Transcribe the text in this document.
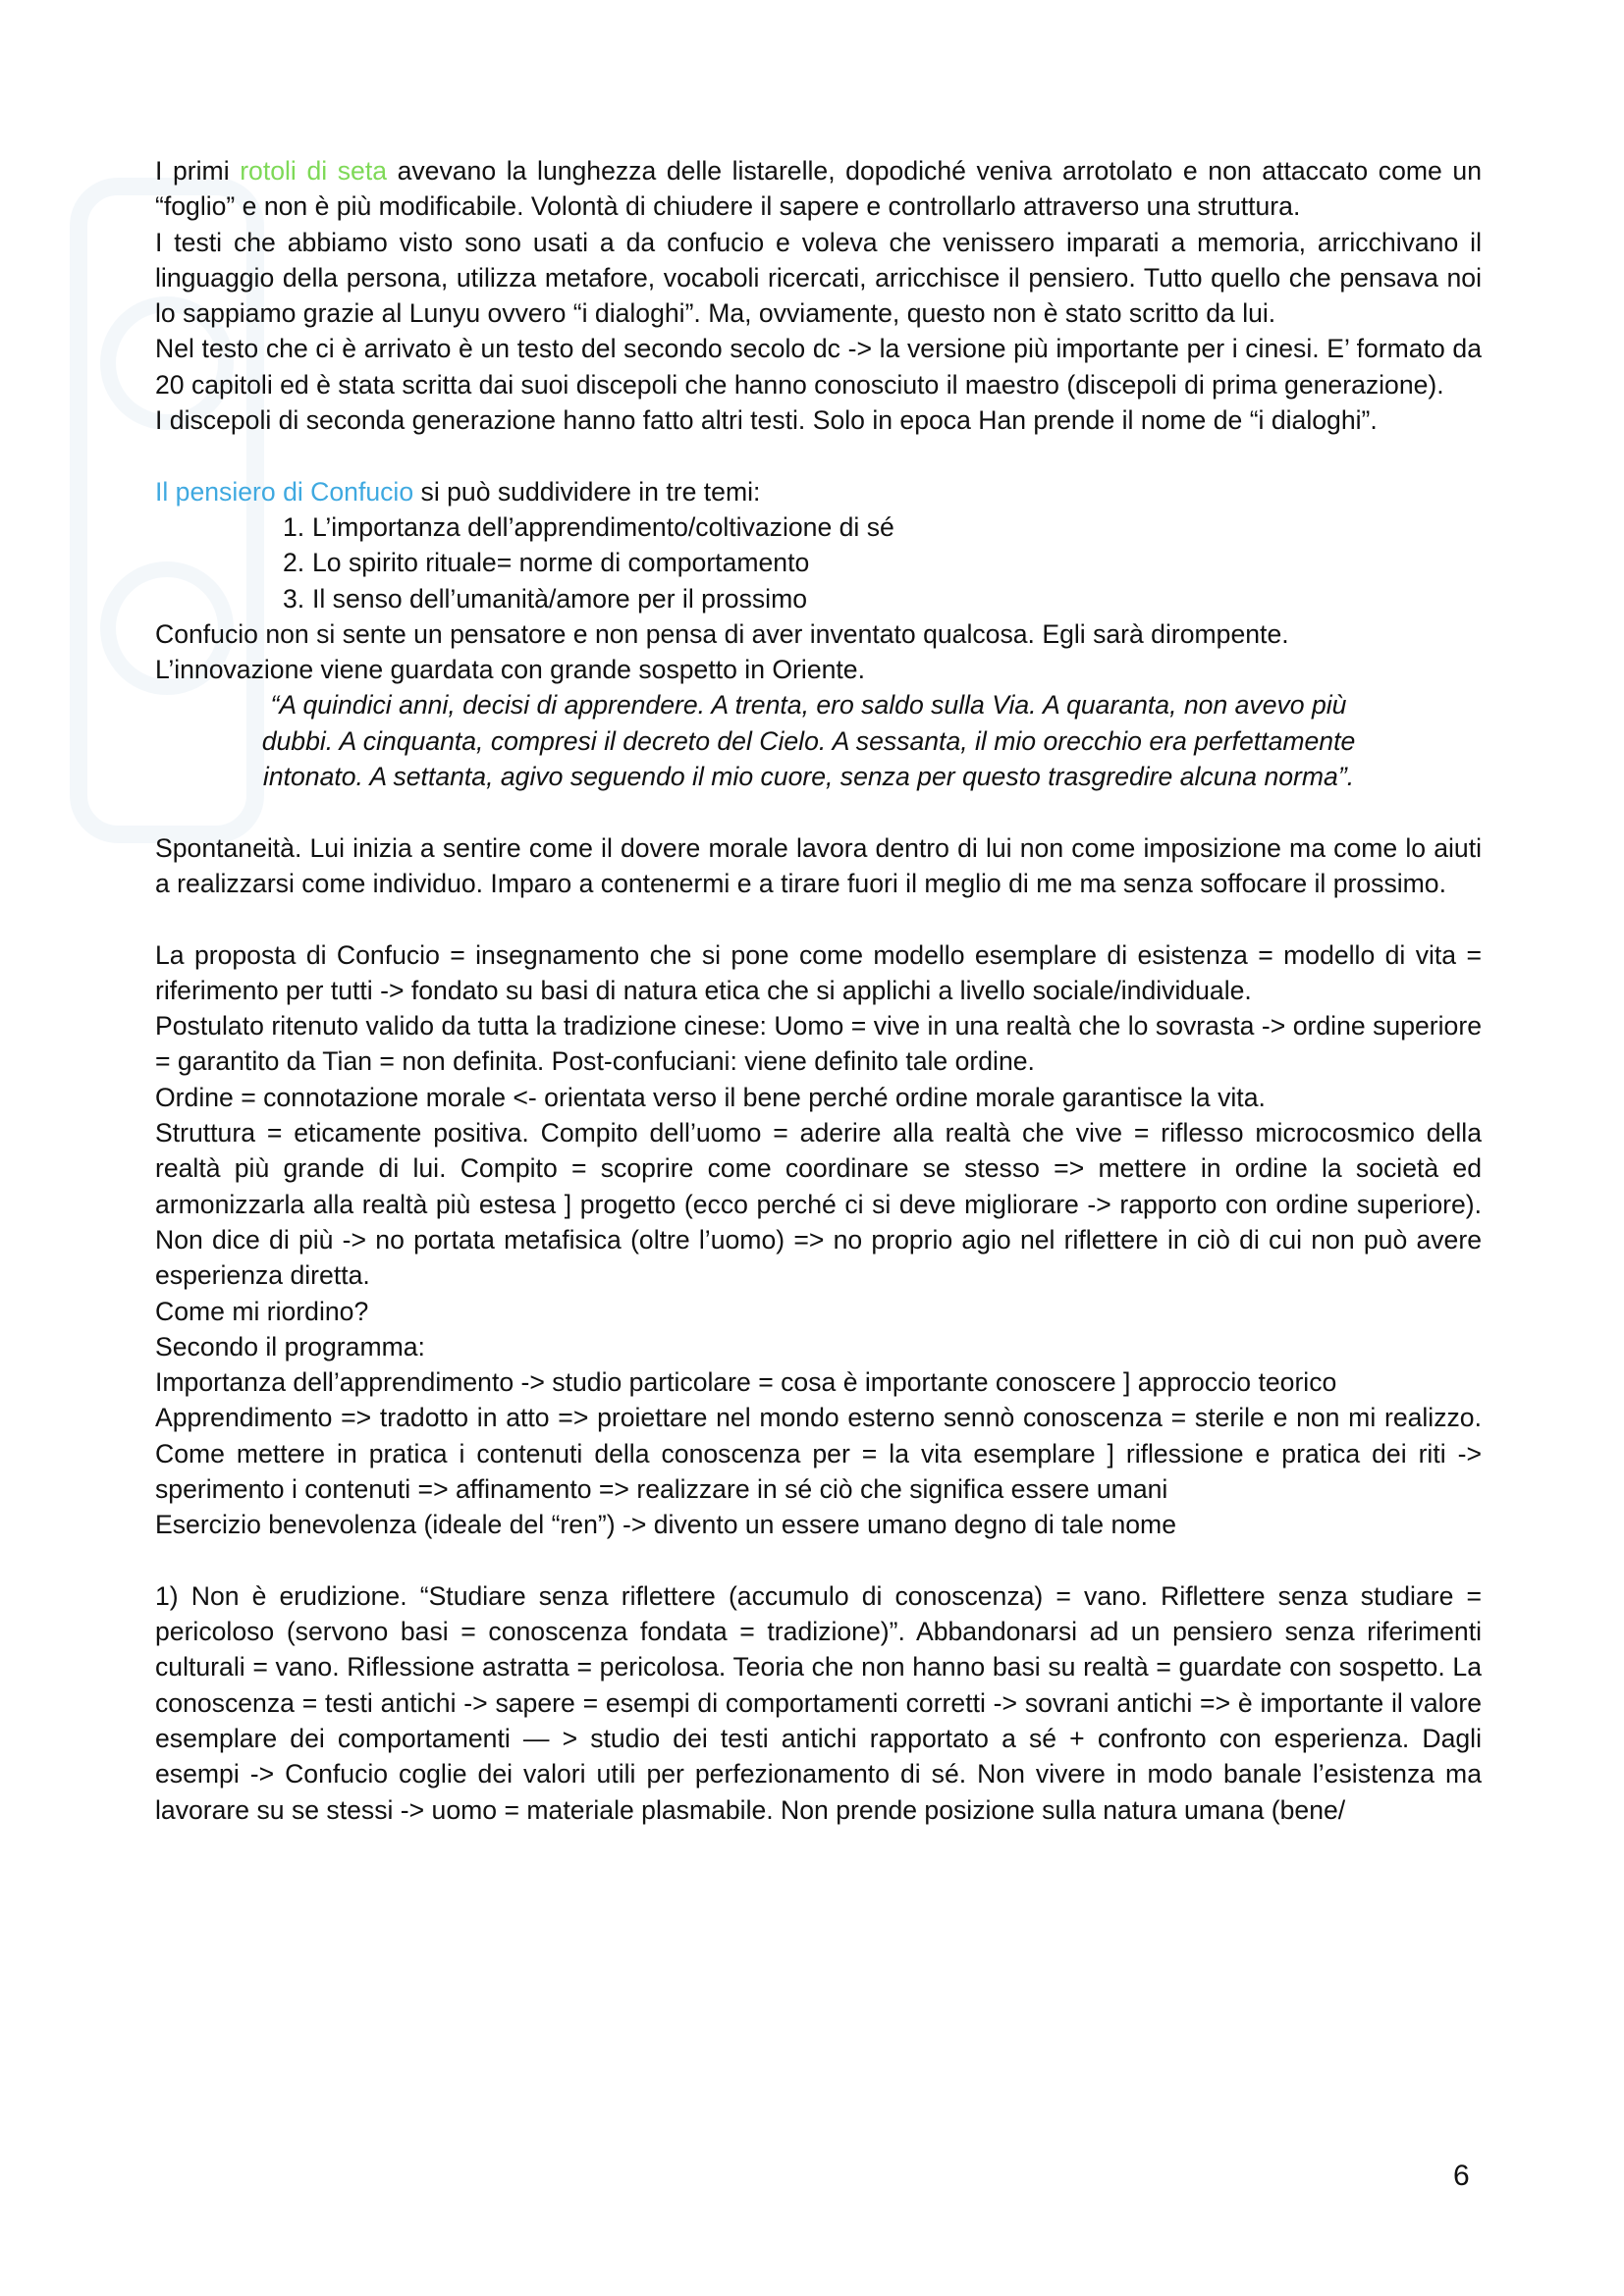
I primi rotoli di seta avevano la lunghezza delle listarelle, dopodiché veniva arrotolato e non attaccato come un “foglio” e non è più modificabile. Volontà di chiudere il sapere e controllarlo attraverso una struttura.

I testi che abbiamo visto sono usati a da confucio e voleva che venissero imparati a memoria, arricchivano il linguaggio della persona, utilizza metafore, vocaboli ricercati, arricchisce il pensiero. Tutto quello che pensava noi lo sappiamo grazie al Lunyu ovvero “i dialoghi”. Ma, ovviamente, questo non è stato scritto da lui.

Nel testo che ci è arrivato è un testo del secondo secolo dc -> la versione più importante per i cinesi. E’ formato da 20 capitoli ed è stata scritta dai suoi discepoli che hanno conosciuto il maestro (discepoli di prima generazione).

I discepoli di seconda generazione hanno fatto altri testi. Solo in epoca Han prende il nome de “i dialoghi”.

Il pensiero di Confucio si può suddividere in tre temi:

1. L’importanza dell’apprendimento/coltivazione di sé
2. Lo spirito rituale= norme di comportamento
3. Il senso dell’umanità/amore per il prossimo

Confucio non si sente un pensatore e non pensa di aver inventato qualcosa. Egli sarà dirompente.

L’innovazione viene guardata con grande sospetto in Oriente.

“A quindici anni, decisi di apprendere. A trenta, ero saldo sulla Via. A quaranta, non avevo più
dubbi. A cinquanta, compresi il decreto del Cielo. A sessanta, il mio orecchio era perfettamente
intonato. A settanta, agivo seguendo il mio cuore, senza per questo trasgredire alcuna norma”.

Spontaneità. Lui inizia a sentire come il dovere morale lavora dentro di lui non come imposizione ma come lo aiuti a realizzarsi come individuo. Imparo a contenermi e a tirare fuori il meglio di me ma senza soffocare il prossimo.

La proposta di Confucio = insegnamento che si pone come modello esemplare di esistenza = modello di vita = riferimento per tutti -> fondato su basi di natura etica che si applichi a livello sociale/individuale.

Postulato ritenuto valido da tutta la tradizione cinese: Uomo = vive in una realtà che lo sovrasta -> ordine superiore = garantito da Tian = non definita. Post-confuciani: viene definito tale ordine.

Ordine = connotazione morale <- orientata verso il bene perché ordine morale garantisce la vita.

Struttura = eticamente positiva. Compito dell’uomo = aderire alla realtà che vive = riflesso microcosmico della realtà più grande di lui. Compito = scoprire come coordinare se stesso => mettere in ordine la società ed armonizzarla alla realtà più estesa ] progetto (ecco perché ci si deve migliorare -> rapporto con ordine superiore). Non dice di più -> no portata metafisica (oltre l’uomo) => no proprio agio nel riflettere in ciò di cui non può avere esperienza diretta.

Come mi riordino?

Secondo il programma:

Importanza dell’apprendimento -> studio particolare = cosa è importante conoscere ] approccio teorico

Apprendimento => tradotto in atto => proiettare nel mondo esterno sennò conoscenza = sterile e non mi realizzo. Come mettere in pratica i contenuti della conoscenza per = la vita esemplare ] riflessione e pratica dei riti -> sperimento i contenuti => affinamento => realizzare in sé ciò che significa essere umani

Esercizio benevolenza (ideale del “ren”) -> divento un essere umano degno di tale nome

1) Non è erudizione. “Studiare senza riflettere (accumulo di conoscenza) = vano. Riflettere senza studiare = pericoloso (servono basi = conoscenza fondata = tradizione)”. Abbandonarsi ad un pensiero senza riferimenti culturali = vano. Riflessione astratta = pericolosa. Teoria che non hanno basi su realtà = guardate con sospetto. La conoscenza = testi antichi -> sapere = esempi di comportamenti corretti -> sovrani antichi => è importante il valore esemplare dei comportamenti — > studio dei testi antichi rapportato a sé + confronto con esperienza. Dagli esempi -> Confucio coglie dei valori utili per perfezionamento di sé. Non vivere in modo banale l’esistenza ma lavorare su se stessi -> uomo = materiale plasmabile. Non prende posizione sulla natura umana (bene/

6
